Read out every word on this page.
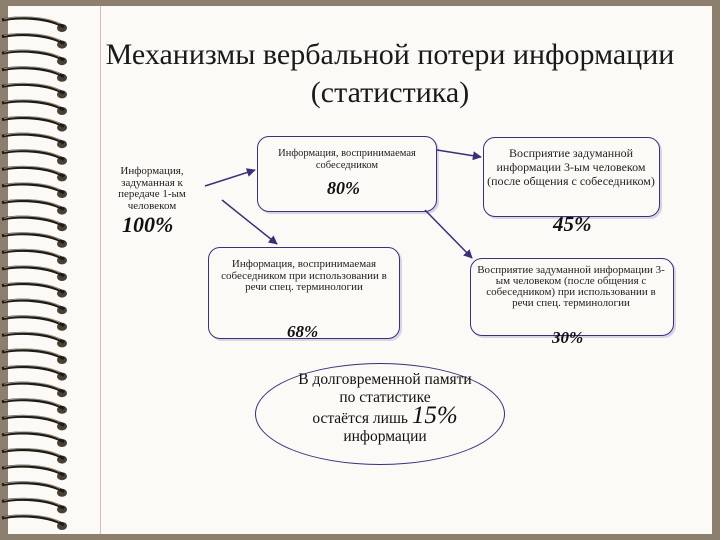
Механизмы вербальной потери информации (статистика)
Информация, задуманная к передаче 1-ым человеком
100%
Информация, воспринимаемая собеседником
80%
Восприятие задуманной информации 3-ым человеком (после общения с собеседником)
45%
Информация, воспринимаемая собеседником при использовании в речи спец. терминологии
68%
Восприятие задуманной информации 3-ым человеком (после общения с собеседником) при использовании в речи спец. терминологии
30%
В долговременной памяти по статистике
остаётся лишь 15%
информации
